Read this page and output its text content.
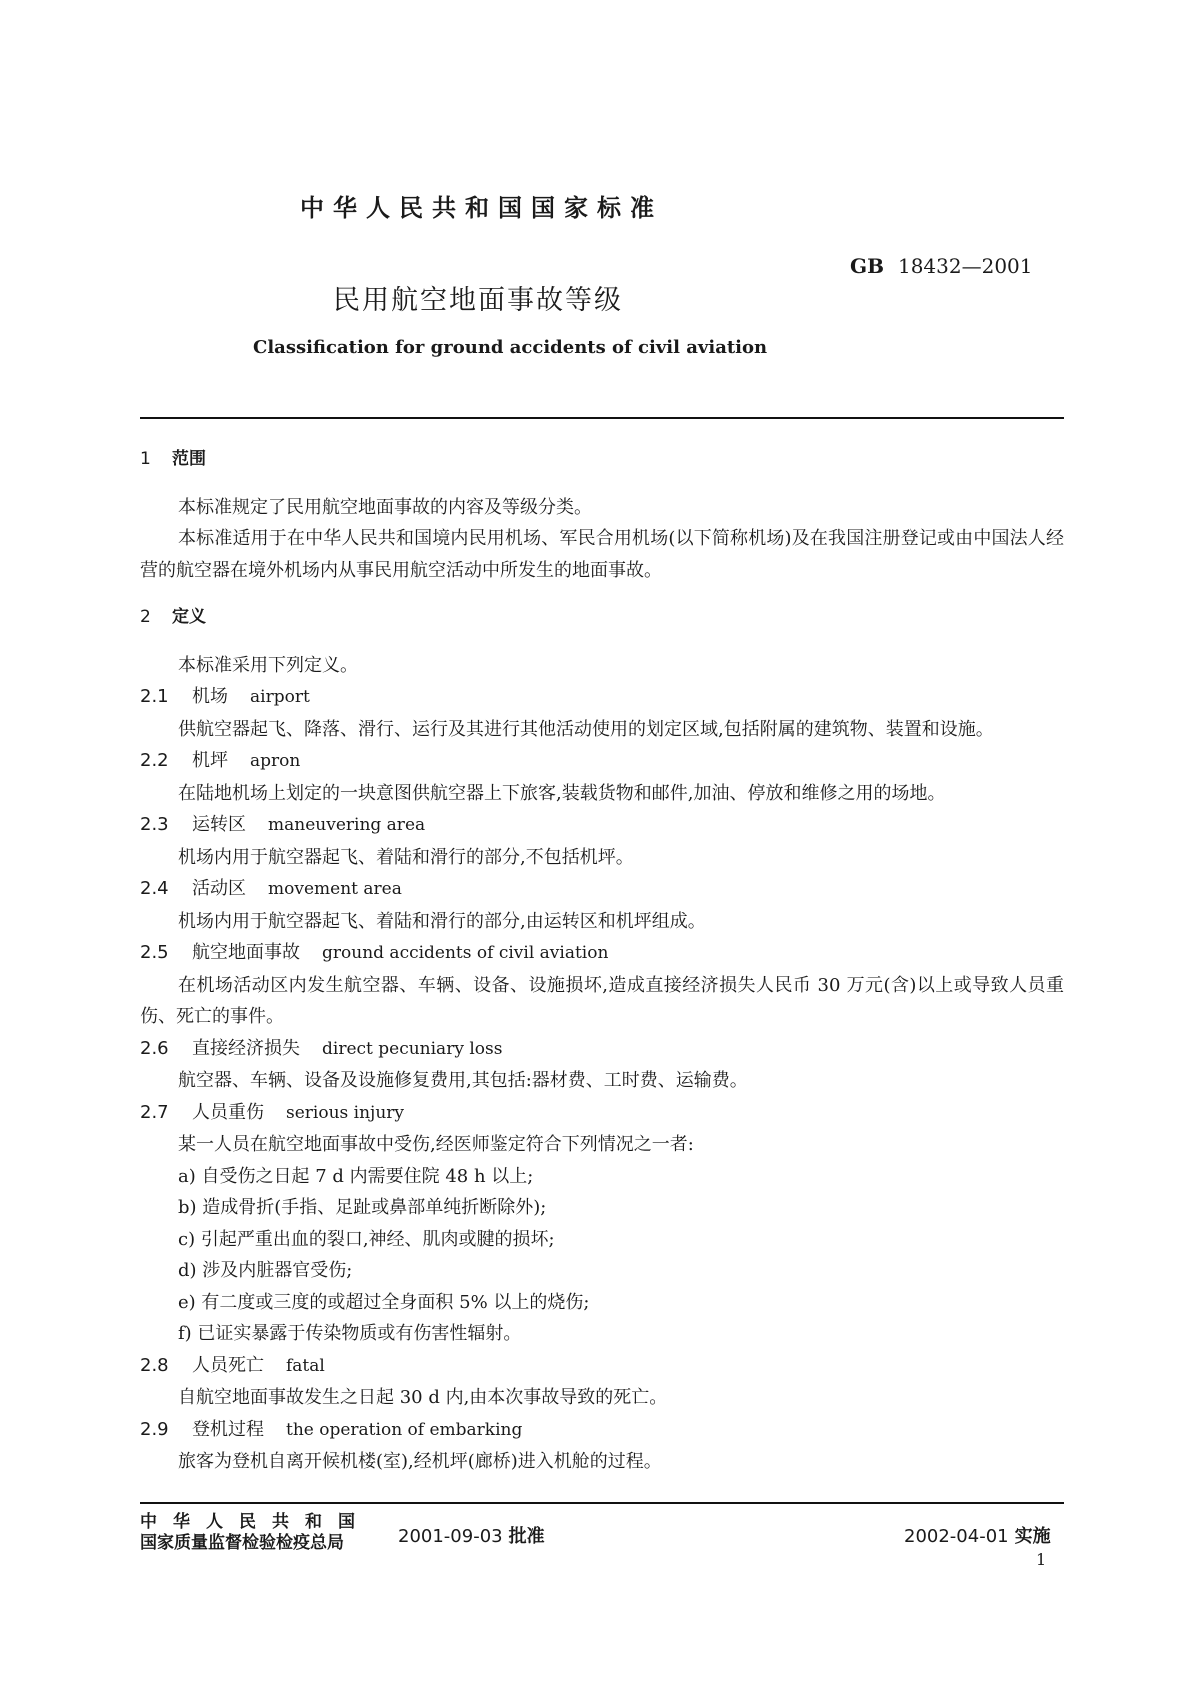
中华人民共和国国家标准
GB 18432—2001
民用航空地面事故等级
Classification for ground accidents of civil aviation

1 范围

本标准规定了民用航空地面事故的内容及等级分类。

本标准适用于在中华人民共和国境内民用机场、军民合用机场(以下简称机场)及在我国注册登记或由中国法人经营的航空器在境外机场内从事民用航空活动中所发生的地面事故。

2 定义

本标准采用下列定义。

2.1 机场 airport

供航空器起飞、降落、滑行、运行及其进行其他活动使用的划定区域,包括附属的建筑物、装置和设施。

2.2 机坪 apron

在陆地机场上划定的一块意图供航空器上下旅客,装载货物和邮件,加油、停放和维修之用的场地。

2.3 运转区 maneuvering area

机场内用于航空器起飞、着陆和滑行的部分,不包括机坪。

2.4 活动区 movement area

机场内用于航空器起飞、着陆和滑行的部分,由运转区和机坪组成。

2.5 航空地面事故 ground accidents of civil aviation

在机场活动区内发生航空器、车辆、设备、设施损坏,造成直接经济损失人民币 30 万元(含)以上或导致人员重伤、死亡的事件。

2.6 直接经济损失 direct pecuniary loss

航空器、车辆、设备及设施修复费用,其包括:器材费、工时费、运输费。

2.7 人员重伤 serious injury

某一人员在航空地面事故中受伤,经医师鉴定符合下列情况之一者:

a) 自受伤之日起 7 d 内需要住院 48 h 以上;

b) 造成骨折(手指、足趾或鼻部单纯折断除外);

c) 引起严重出血的裂口,神经、肌肉或腱的损坏;

d) 涉及内脏器官受伤;

e) 有二度或三度的或超过全身面积 5% 以上的烧伤;

f) 已证实暴露于传染物质或有伤害性辐射。

2.8 人员死亡 fatal

自航空地面事故发生之日起 30 d 内,由本次事故导致的死亡。

2.9 登机过程 the operation of embarking

旅客为登机自离开候机楼(室),经机坪(廊桥)进入机舱的过程。

中华人民共和国
国家质量监督检验检疫总局	2001-09-03 批准	2002-04-01 实施
1
